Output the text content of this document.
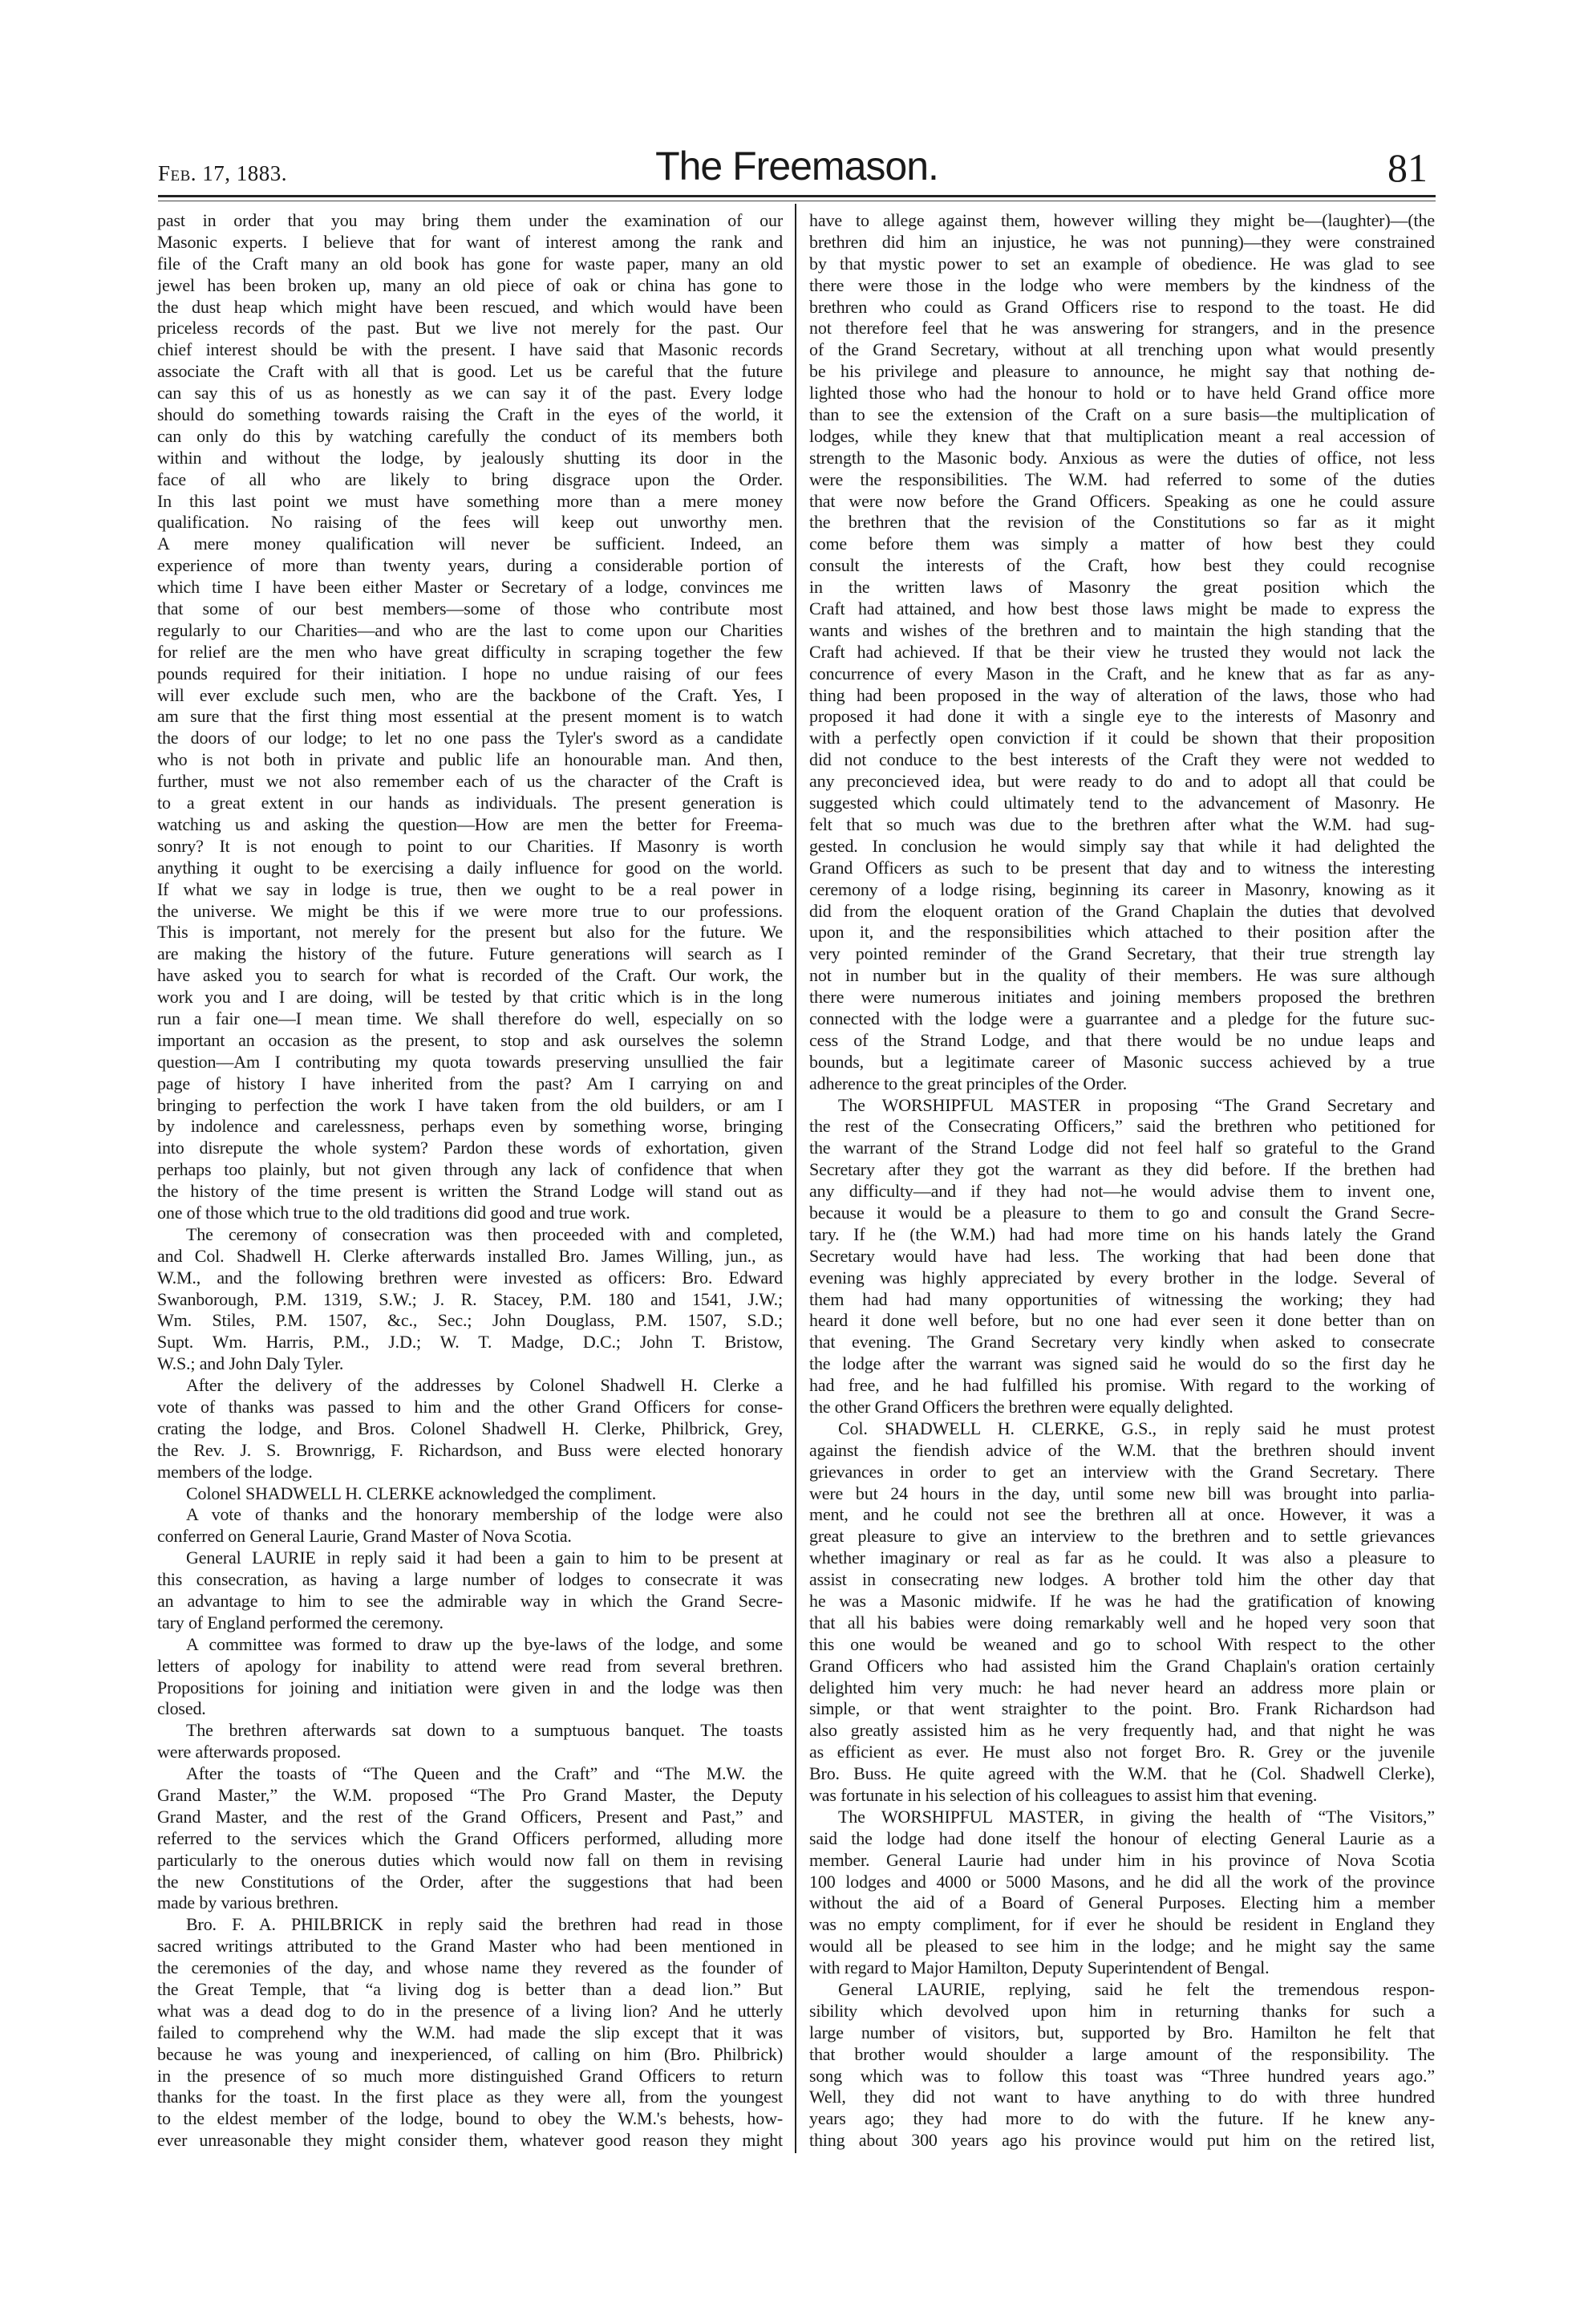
Feb. 17, 1883.	The Freemason.	81
past in order that you may bring them under the examination of our
Masonic experts. I believe that for want of interest among the rank and
file of the Craft many an old book has gone for waste paper, many an old
jewel has been broken up, many an old piece of oak or china has gone to
the dust heap which might have been rescued, and which would have been
priceless records of the past. But we live not merely for the past. Our
chief interest should be with the present. I have said that Masonic records
associate the Craft with all that is good. Let us be careful that the future
can say this of us as honestly as we can say it of the past. Every lodge
should do something towards raising the Craft in the eyes of the world, it
can only do this by watching carefully the conduct of its members both
within and without the lodge, by jealously shutting its door in the
face of all who are likely to bring disgrace upon the Order.
In this last point we must have something more than a mere money
qualification. No raising of the fees will keep out unworthy men.
A mere money qualification will never be sufficient. Indeed, an
experience of more than twenty years, during a considerable portion of
which time I have been either Master or Secretary of a lodge, convinces me
that some of our best members—some of those who contribute most
regularly to our Charities—and who are the last to come upon our Charities
for relief are the men who have great difficulty in scraping together the few
pounds required for their initiation. I hope no undue raising of our fees
will ever exclude such men, who are the backbone of the Craft. Yes, I
am sure that the first thing most essential at the present moment is to watch
the doors of our lodge; to let no one pass the Tyler's sword as a candidate
who is not both in private and public life an honourable man. And then,
further, must we not also remember each of us the character of the Craft is
to a great extent in our hands as individuals. The present generation is
watching us and asking the question—How are men the better for Freema-
sonry? It is not enough to point to our Charities. If Masonry is worth
anything it ought to be exercising a daily influence for good on the world.
If what we say in lodge is true, then we ought to be a real power in
the universe. We might be this if we were more true to our professions.
This is important, not merely for the present but also for the future. We
are making the history of the future. Future generations will search as I
have asked you to search for what is recorded of the Craft. Our work, the
work you and I are doing, will be tested by that critic which is in the long
run a fair one—I mean time. We shall therefore do well, especially on so
important an occasion as the present, to stop and ask ourselves the solemn
question—Am I contributing my quota towards preserving unsullied the fair
page of history I have inherited from the past? Am I carrying on and
bringing to perfection the work I have taken from the old builders, or am I
by indolence and carelessness, perhaps even by something worse, bringing
into disrepute the whole system? Pardon these words of exhortation, given
perhaps too plainly, but not given through any lack of confidence that when
the history of the time present is written the Strand Lodge will stand out as
one of those which true to the old traditions did good and true work.
The ceremony of consecration was then proceeded with and completed,
and Col. Shadwell H. Clerke afterwards installed Bro. James Willing, jun., as
W.M., and the following brethren were invested as officers: Bro. Edward
Swanborough, P.M. 1319, S.W.; J. R. Stacey, P.M. 180 and 1541, J.W.;
Wm. Stiles, P.M. 1507, &c., Sec.; John Douglass, P.M. 1507, S.D.;
Supt. Wm. Harris, P.M., J.D.; W. T. Madge, D.C.; John T. Bristow,
W.S.; and John Daly Tyler.
After the delivery of the addresses by Colonel Shadwell H. Clerke a
vote of thanks was passed to him and the other Grand Officers for conse-
crating the lodge, and Bros. Colonel Shadwell H. Clerke, Philbrick, Grey,
the Rev. J. S. Brownrigg, F. Richardson, and Buss were elected honorary
members of the lodge.
Colonel SHADWELL H. CLERKE acknowledged the compliment.
A vote of thanks and the honorary membership of the lodge were also
conferred on General Laurie, Grand Master of Nova Scotia.
General LAURIE in reply said it had been a gain to him to be present at
this consecration, as having a large number of lodges to consecrate it was
an advantage to him to see the admirable way in which the Grand Secre-
tary of England performed the ceremony.
A committee was formed to draw up the bye-laws of the lodge, and some
letters of apology for inability to attend were read from several brethren.
Propositions for joining and initiation were given in and the lodge was then
closed.
The brethren afterwards sat down to a sumptuous banquet. The toasts
were afterwards proposed.
After the toasts of “The Queen and the Craft” and “The M.W. the
Grand Master,” the W.M. proposed “The Pro Grand Master, the Deputy
Grand Master, and the rest of the Grand Officers, Present and Past,” and
referred to the services which the Grand Officers performed, alluding more
particularly to the onerous duties which would now fall on them in revising
the new Constitutions of the Order, after the suggestions that had been
made by various brethren.
Bro. F. A. PHILBRICK in reply said the brethren had read in those
sacred writings attributed to the Grand Master who had been mentioned in
the ceremonies of the day, and whose name they revered as the founder of
the Great Temple, that “a living dog is better than a dead lion.” But
what was a dead dog to do in the presence of a living lion? And he utterly
failed to comprehend why the W.M. had made the slip except that it was
because he was young and inexperienced, of calling on him (Bro. Philbrick)
in the presence of so much more distinguished Grand Officers to return
thanks for the toast. In the first place as they were all, from the youngest
to the eldest member of the lodge, bound to obey the W.M.'s behests, how-
ever unreasonable they might consider them, whatever good reason they might
have to allege against them, however willing they might be—(laughter)—(the
brethren did him an injustice, he was not punning)—they were constrained
by that mystic power to set an example of obedience. He was glad to see
there were those in the lodge who were members by the kindness of the
brethren who could as Grand Officers rise to respond to the toast. He did
not therefore feel that he was answering for strangers, and in the presence
of the Grand Secretary, without at all trenching upon what would presently
be his privilege and pleasure to announce, he might say that nothing de-
lighted those who had the honour to hold or to have held Grand office more
than to see the extension of the Craft on a sure basis—the multiplication of
lodges, while they knew that that multiplication meant a real accession of
strength to the Masonic body. Anxious as were the duties of office, not less
were the responsibilities. The W.M. had referred to some of the duties
that were now before the Grand Officers. Speaking as one he could assure
the brethren that the revision of the Constitutions so far as it might
come before them was simply a matter of how best they could
consult the interests of the Craft, how best they could recognise
in the written laws of Masonry the great position which the
Craft had attained, and how best those laws might be made to express the
wants and wishes of the brethren and to maintain the high standing that the
Craft had achieved. If that be their view he trusted they would not lack the
concurrence of every Mason in the Craft, and he knew that as far as any-
thing had been proposed in the way of alteration of the laws, those who had
proposed it had done it with a single eye to the interests of Masonry and
with a perfectly open conviction if it could be shown that their proposition
did not conduce to the best interests of the Craft they were not wedded to
any preconcieved idea, but were ready to do and to adopt all that could be
suggested which could ultimately tend to the advancement of Masonry. He
felt that so much was due to the brethren after what the W.M. had sug-
gested. In conclusion he would simply say that while it had delighted the
Grand Officers as such to be present that day and to witness the interesting
ceremony of a lodge rising, beginning its career in Masonry, knowing as it
did from the eloquent oration of the Grand Chaplain the duties that devolved
upon it, and the responsibilities which attached to their position after the
very pointed reminder of the Grand Secretary, that their true strength lay
not in number but in the quality of their members. He was sure although
there were numerous initiates and joining members proposed the brethren
connected with the lodge were a guarrantee and a pledge for the future suc-
cess of the Strand Lodge, and that there would be no undue leaps and
bounds, but a legitimate career of Masonic success achieved by a true
adherence to the great principles of the Order.
The WORSHIPFUL MASTER in proposing “The Grand Secretary and
the rest of the Consecrating Officers,” said the brethren who petitioned for
the warrant of the Strand Lodge did not feel half so grateful to the Grand
Secretary after they got the warrant as they did before. If the brethen had
any difficulty—and if they had not—he would advise them to invent one,
because it would be a pleasure to them to go and consult the Grand Secre-
tary. If he (the W.M.) had had more time on his hands lately the Grand
Secretary would have had less. The working that had been done that
evening was highly appreciated by every brother in the lodge. Several of
them had had many opportunities of witnessing the working; they had
heard it done well before, but no one had ever seen it done better than on
that evening. The Grand Secretary very kindly when asked to consecrate
the lodge after the warrant was signed said he would do so the first day he
had free, and he had fulfilled his promise. With regard to the working of
the other Grand Officers the brethren were equally delighted.
Col. SHADWELL H. CLERKE, G.S., in reply said he must protest
against the fiendish advice of the W.M. that the brethren should invent
grievances in order to get an interview with the Grand Secretary. There
were but 24 hours in the day, until some new bill was brought into parlia-
ment, and he could not see the brethren all at once. However, it was a
great pleasure to give an interview to the brethren and to settle grievances
whether imaginary or real as far as he could. It was also a pleasure to
assist in consecrating new lodges. A brother told him the other day that
he was a Masonic midwife. If he was he had the gratification of knowing
that all his babies were doing remarkably well and he hoped very soon that
this one would be weaned and go to school With respect to the other
Grand Officers who had assisted him the Grand Chaplain's oration certainly
delighted him very much: he had never heard an address more plain or
simple, or that went straighter to the point. Bro. Frank Richardson had
also greatly assisted him as he very frequently had, and that night he was
as efficient as ever. He must also not forget Bro. R. Grey or the juvenile
Bro. Buss. He quite agreed with the W.M. that he (Col. Shadwell Clerke),
was fortunate in his selection of his colleagues to assist him that evening.
The WORSHIPFUL MASTER, in giving the health of “The Visitors,”
said the lodge had done itself the honour of electing General Laurie as a
member. General Laurie had under him in his province of Nova Scotia
100 lodges and 4000 or 5000 Masons, and he did all the work of the province
without the aid of a Board of General Purposes. Electing him a member
was no empty compliment, for if ever he should be resident in England they
would all be pleased to see him in the lodge; and he might say the same
with regard to Major Hamilton, Deputy Superintendent of Bengal.
General LAURIE, replying, said he felt the tremendous respon-
sibility which devolved upon him in returning thanks for such a
large number of visitors, but, supported by Bro. Hamilton he felt that
that brother would shoulder a large amount of the responsibility. The
song which was to follow this toast was “Three hundred years ago.”
Well, they did not want to have anything to do with three hundred
years ago; they had more to do with the future. If he knew any-
thing about 300 years ago his province would put him on the retired list,
